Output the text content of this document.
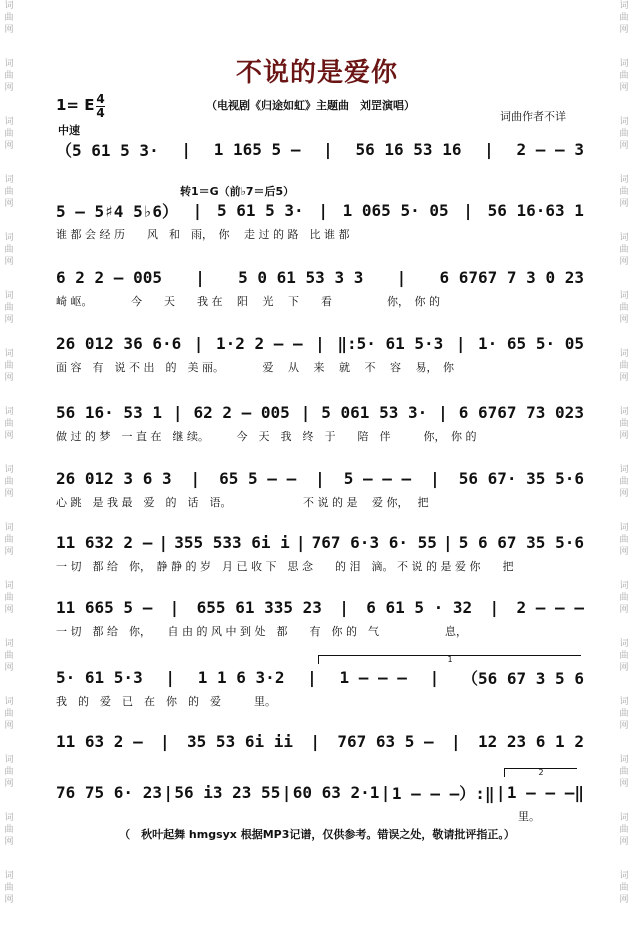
词
曲
网
词
曲
网
词
曲
网
词
曲
网
词
曲
网
词
曲
网
词
曲
网
词
曲
网
词
曲
网
词
曲
网
词
曲
网
词
曲
网
词
曲
网
词
曲
网
词
曲
网
词
曲
网
词
曲
网
词
曲
网
词
曲
网
词
曲
网
词
曲
网
词
曲
网
词
曲
网
词
曲
网
词
曲
网
词
曲
网
词
曲
网
词
曲
网
词
曲
网
词
曲
网
词
曲
网
词
曲
网
不说的是爱你
1= E 4
4
（电视剧《归途如虹》主题曲　刘罡演唱）
词曲作者不详
中速
转1＝G（前♭7＝后5）
（5 61 5 3· | 1 165 5 – | 56 16 53 16 | 2 – – 3
5 – 5♯4 5♭6） | 5 61 5 3· | 1 065 5· 05 | 56 16·63 1
谁 都 会 经 历　　风　和　雨，　你　 走 过 的 路　比 谁 都
6 2 2 – 005 | 5 0 61 53 3 3 | 6 6767 7 3 0 23
崎 岖。　　　　今　　天　　我 在　 阳　 光　 下　　看　　　　　你，　你 的
26 012 36 6·6 | 1·2 2 – – | ‖:5· 61 5·3 | 1· 65 5· 05
面 容　有　说 不 出　的　美 丽。　　　　爱　 从　 来　 就　 不　 容　 易，　你
56 16· 53 1 | 62 2 – 005 | 5 061 53 3· | 6 6767 73 023
做 过 的 梦　一 直 在　继 续。　　　今　天　我　终　于　　陪　伴　　　你，　你 的
26 012 3 6 3 | 65 5 – – | 5 – – – | 56 67· 35 5·6
心 跳　是 我 最　爱　的　话　语。　　　　　　　不 说 的 是　 爱 你，　 把
11 632 2 – | 355 533 6i i | 767 6·3 6· 55 | 5 6 67 35 5·6
一 切　都 给　你，　静 静 的 岁　月 已 收 下　思 念　　的 泪　滴。 不 说 的 是 爱 你　　把
11 665 5 – | 655 61 335 23 | 6 61 5 · 32 | 2 – – –
一 切　都 给　你，　　自 由 的 风 中 到 处　都　　有　你 的　气　　　　　　息，
5· 61 5·3 | 1 1 6 3·2 | 1 – – – | （56 67 3 5 6
我　的　爱　已　在　你　的　爱　　　里。
11 63 2 – | 35 53 6i ii | 767 63 5 – | 12 23 6 1 2
76 75 6· 23 | 56 i3 23 55 | 60 63 2·1 | 1 – – –）:‖ | 1 – – –‖
　　　　　　　　　　　　　　　　　　　　　　　　　　　　　　　　　　　　　　　　　　里。
1
2
（　秋叶起舞 hmgsyx 根据MP3记谱，仅供参考。错误之处，敬请批评指正。）
